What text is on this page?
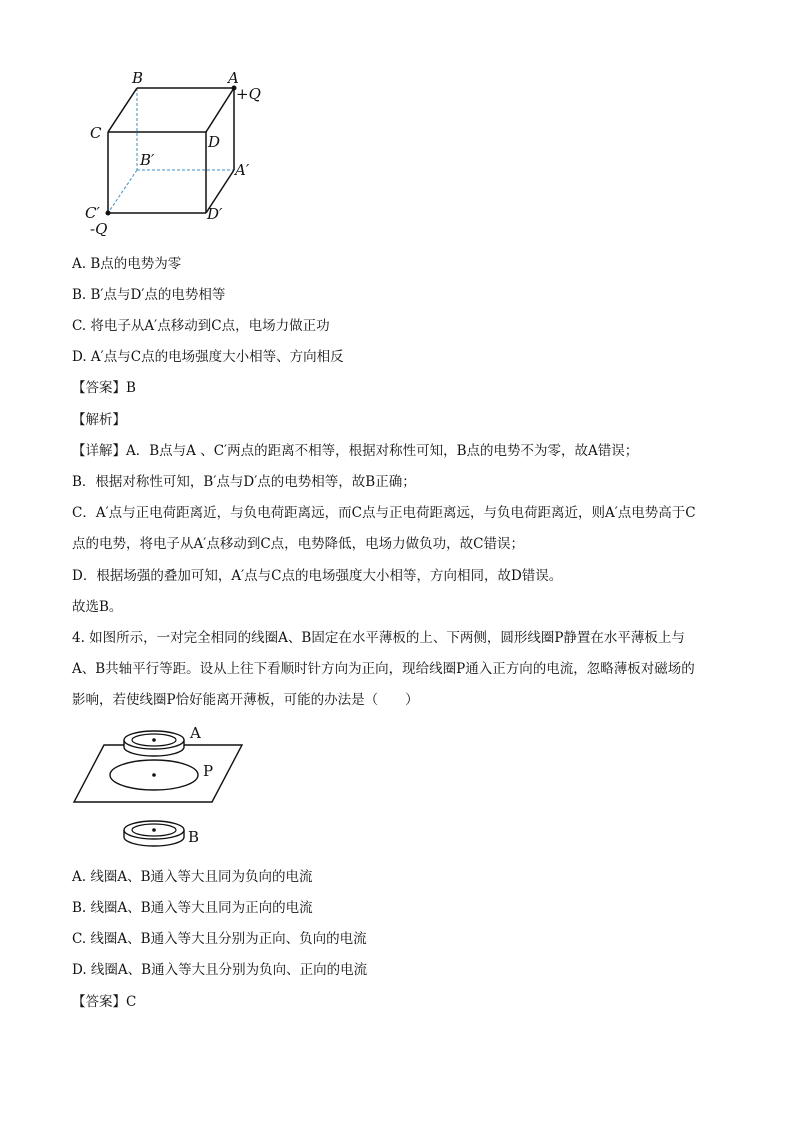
B	A
+Q
C	D
B′
A′
C′
-Q
D′
A. B点的电势为零
B. B′点与D′点的电势相等
C. 将电子从A′点移动到C点，电场力做正功
D. A′点与C点的电场强度大小相等、方向相反
【答案】B
【解析】
【详解】A．B点与A 、C′两点的距离不相等，根据对称性可知，B点的电势不为零，故A错误；
B．根据对称性可知，B′点与D′点的电势相等，故B正确；
C．A′点与正电荷距离近，与负电荷距离远，而C点与正电荷距离远，与负电荷距离近，则A′点电势高于C
点的电势，将电子从A′点移动到C点，电势降低，电场力做负功，故C错误；
D．根据场强的叠加可知，A′点与C点的电场强度大小相等，方向相同，故D错误。
故选B。
4. 如图所示，一对完全相同的线圈A、B固定在水平薄板的上、下两侧，圆形线圈P静置在水平薄板上与
A、B共轴平行等距。设从上往下看顺时针方向为正向，现给线圈P通入正方向的电流，忽略薄板对磁场的
影响，若使线圈P恰好能离开薄板，可能的办法是（　　）
A
P
B
A. 线圈A、B通入等大且同为负向的电流
B. 线圈A、B通入等大且同为正向的电流
C. 线圈A、B通入等大且分别为正向、负向的电流
D. 线圈A、B通入等大且分别为负向、正向的电流
【答案】C
